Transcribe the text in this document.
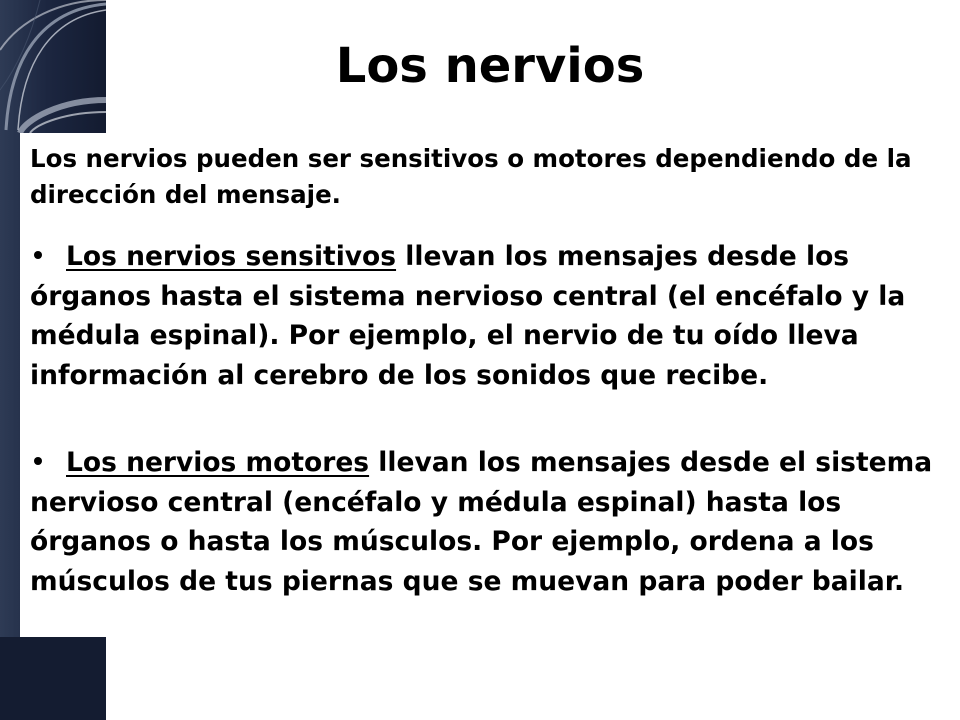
Los nervios

Los nervios pueden ser sensitivos o motores dependiendo de la dirección del mensaje.

Los nervios sensitivos llevan los mensajes desde los órganos hasta el sistema nervioso central (el encéfalo y la médula espinal). Por ejemplo, el nervio de tu oído lleva información al cerebro de los sonidos que recibe.

Los nervios motores llevan los mensajes desde el sistema nervioso central (encéfalo y médula espinal) hasta los órganos o hasta los músculos. Por ejemplo, ordena a los músculos de tus piernas que se muevan para poder bailar.
